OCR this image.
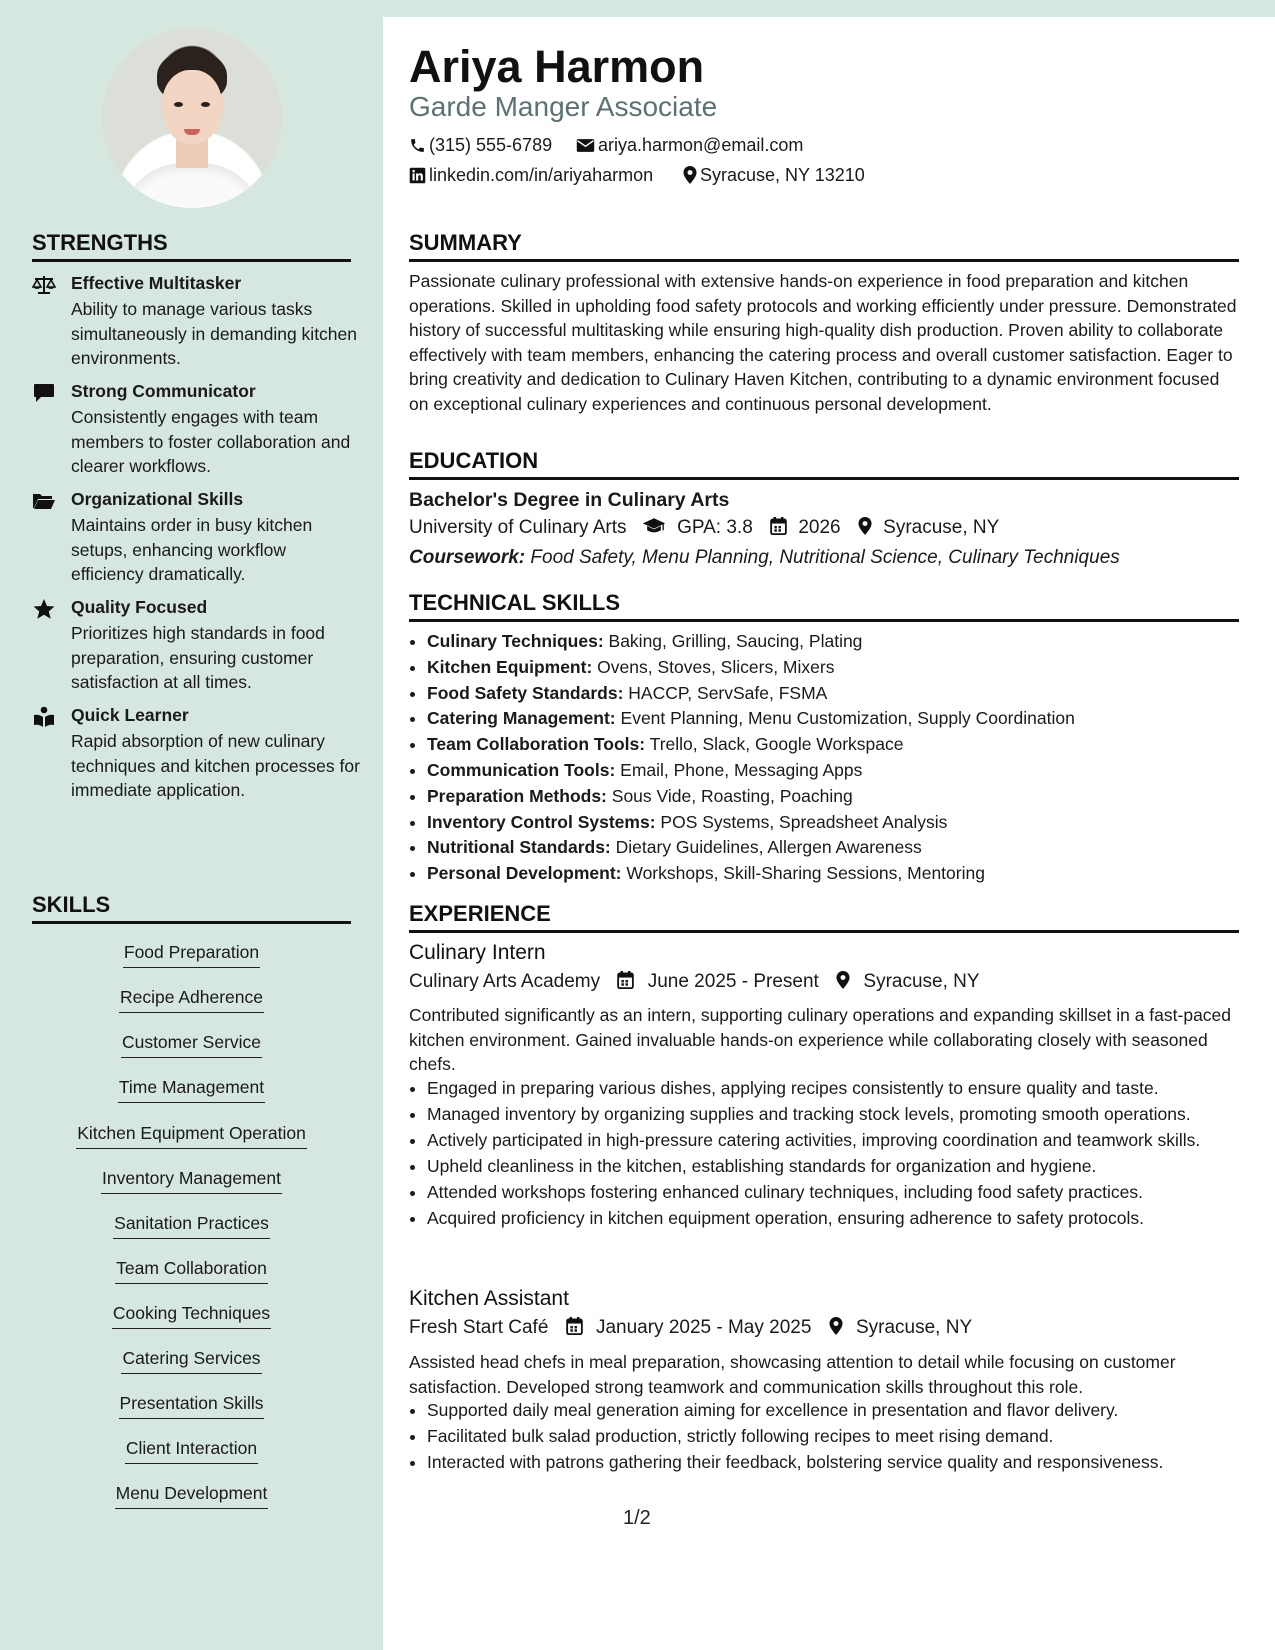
STRENGTHS
Effective Multitasker
Ability to manage various tasks simultaneously in demanding kitchen environments.
Strong Communicator
Consistently engages with team members to foster collaboration and clearer workflows.
Organizational Skills
Maintains order in busy kitchen setups, enhancing workflow efficiency dramatically.
Quality Focused
Prioritizes high standards in food preparation, ensuring customer satisfaction at all times.
Quick Learner
Rapid absorption of new culinary techniques and kitchen processes for immediate application.
SKILLS
Food Preparation
Recipe Adherence
Customer Service
Time Management
Kitchen Equipment Operation
Inventory Management
Sanitation Practices
Team Collaboration
Cooking Techniques
Catering Services
Presentation Skills
Client Interaction
Menu Development
Ariya Harmon
Garde Manger Associate
(315) 555-6789	ariya.harmon@email.com
linkedin.com/in/ariyaharmon	Syracuse, NY 13210
SUMMARY

Passionate culinary professional with extensive hands-on experience in food preparation and kitchen operations. Skilled in upholding food safety protocols and working efficiently under pressure. Demonstrated history of successful multitasking while ensuring high-quality dish production. Proven ability to collaborate effectively with team members, enhancing the catering process and overall customer satisfaction. Eager to bring creativity and dedication to Culinary Haven Kitchen, contributing to a dynamic environment focused on exceptional culinary experiences and continuous personal development.

EDUCATION
Bachelor's Degree in Culinary Arts
University of Culinary Arts	GPA: 3.8 2026 Syracuse, NY
Coursework: Food Safety, Menu Planning, Nutritional Science, Culinary Techniques
TECHNICAL SKILLS
• Culinary Techniques: Baking, Grilling, Saucing, Plating
• Kitchen Equipment: Ovens, Stoves, Slicers, Mixers
• Food Safety Standards: HACCP, ServSafe, FSMA
• Catering Management: Event Planning, Menu Customization, Supply Coordination
• Team Collaboration Tools: Trello, Slack, Google Workspace
• Communication Tools: Email, Phone, Messaging Apps
• Preparation Methods: Sous Vide, Roasting, Poaching
• Inventory Control Systems: POS Systems, Spreadsheet Analysis
• Nutritional Standards: Dietary Guidelines, Allergen Awareness
• Personal Development: Workshops, Skill-Sharing Sessions, Mentoring
EXPERIENCE
Culinary Intern
Culinary Arts Academy	June 2025 - Present Syracuse, NY

Contributed significantly as an intern, supporting culinary operations and expanding skillset in a fast-paced kitchen environment. Gained invaluable hands-on experience while collaborating closely with seasoned chefs.

• Engaged in preparing various dishes, applying recipes consistently to ensure quality and taste.
• Managed inventory by organizing supplies and tracking stock levels, promoting smooth operations.
• Actively participated in high-pressure catering activities, improving coordination and teamwork skills.
• Upheld cleanliness in the kitchen, establishing standards for organization and hygiene.
• Attended workshops fostering enhanced culinary techniques, including food safety practices.
• Acquired proficiency in kitchen equipment operation, ensuring adherence to safety protocols.
Kitchen Assistant
Fresh Start Café	January 2025 - May 2025 Syracuse, NY

Assisted head chefs in meal preparation, showcasing attention to detail while focusing on customer satisfaction. Developed strong teamwork and communication skills throughout this role.

• Supported daily meal generation aiming for excellence in presentation and flavor delivery.
• Facilitated bulk salad production, strictly following recipes to meet rising demand.
• Interacted with patrons gathering their feedback, bolstering service quality and responsiveness.
1/2
